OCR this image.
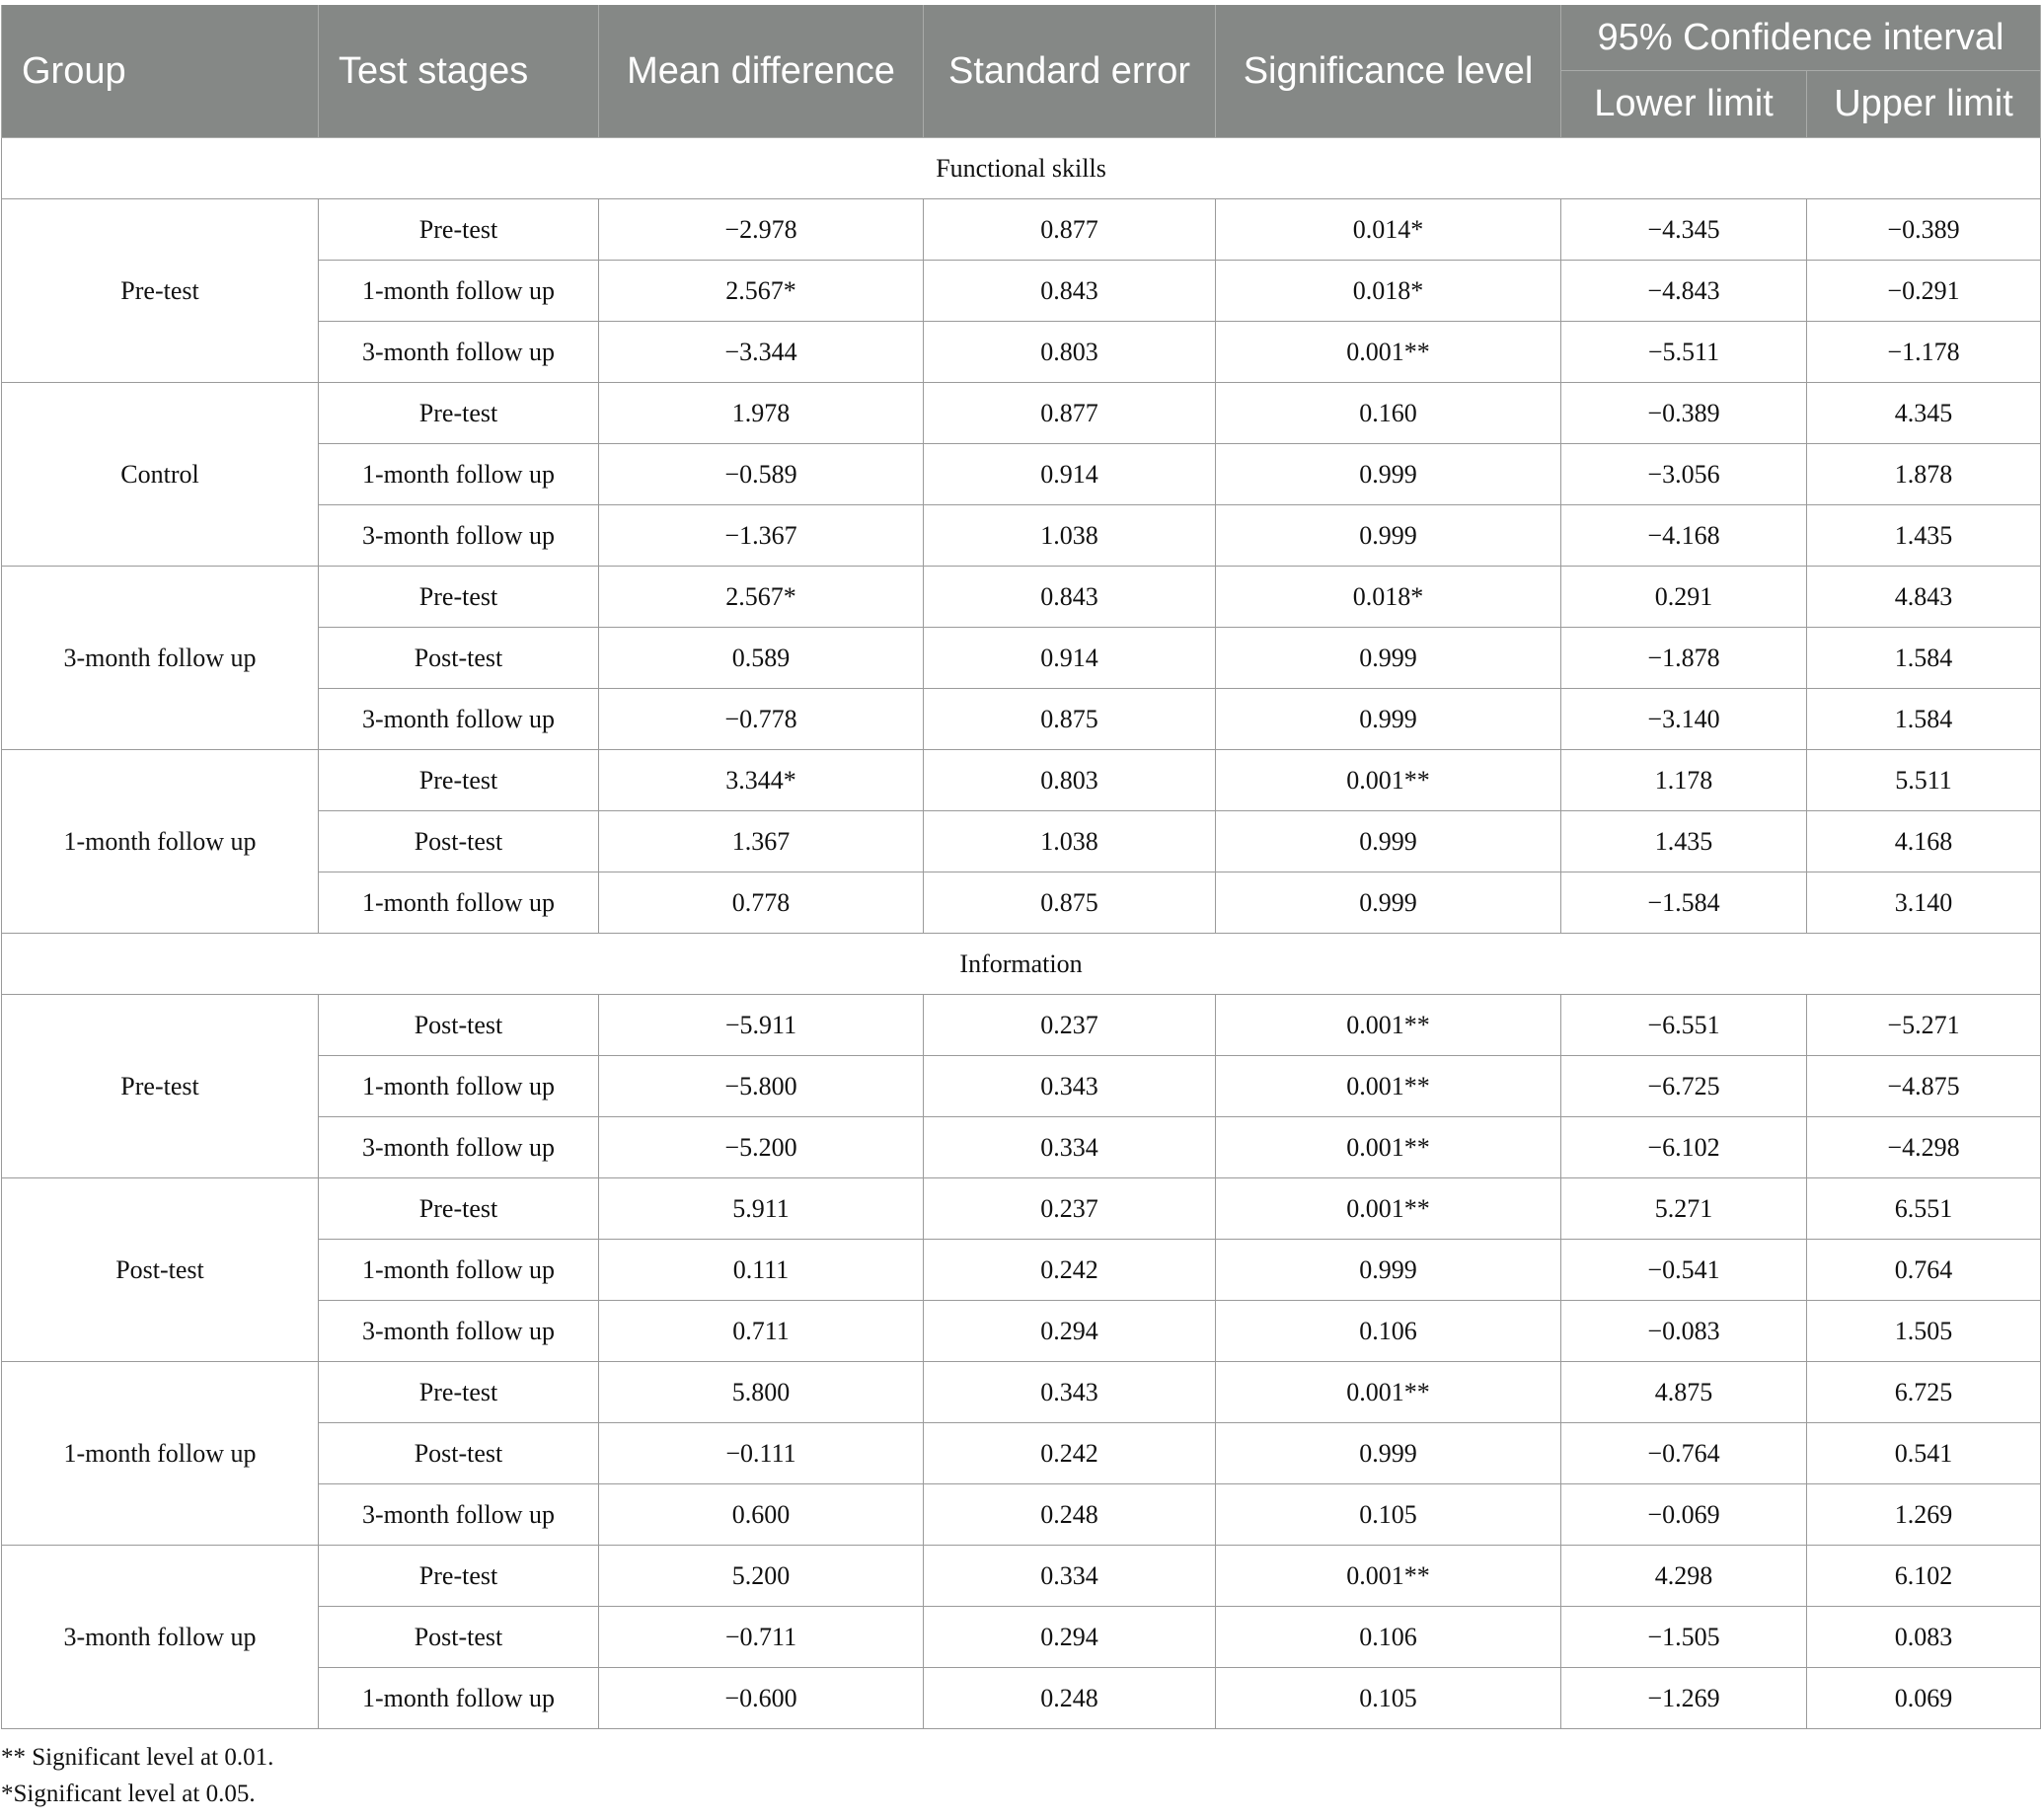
Group	Test stages	Mean difference	Standard error	Significance level	95% Confidence interval	
					Lower limit	Upper limit
Functional skills						
Pre-test	Pre-test	−2.978	0.877	0.014*	−4.345	−0.389
	1-month follow up	2.567*	0.843	0.018*	−4.843	−0.291
	3-month follow up	−3.344	0.803	0.001**	−5.511	−1.178
Control	Pre-test	1.978	0.877	0.160	−0.389	4.345
	1-month follow up	−0.589	0.914	0.999	−3.056	1.878
	3-month follow up	−1.367	1.038	0.999	−4.168	1.435
3-month follow up	Pre-test	2.567*	0.843	0.018*	0.291	4.843
	Post-test	0.589	0.914	0.999	−1.878	1.584
	3-month follow up	−0.778	0.875	0.999	−3.140	1.584
1-month follow up	Pre-test	3.344*	0.803	0.001**	1.178	5.511
	Post-test	1.367	1.038	0.999	1.435	4.168
	1-month follow up	0.778	0.875	0.999	−1.584	3.140
Information						
Pre-test	Post-test	−5.911	0.237	0.001**	−6.551	−5.271
	1-month follow up	−5.800	0.343	0.001**	−6.725	−4.875
	3-month follow up	−5.200	0.334	0.001**	−6.102	−4.298
Post-test	Pre-test	5.911	0.237	0.001**	5.271	6.551
	1-month follow up	0.111	0.242	0.999	−0.541	0.764
	3-month follow up	0.711	0.294	0.106	−0.083	1.505
1-month follow up	Pre-test	5.800	0.343	0.001**	4.875	6.725
	Post-test	−0.111	0.242	0.999	−0.764	0.541
	3-month follow up	0.600	0.248	0.105	−0.069	1.269
3-month follow up	Pre-test	5.200	0.334	0.001**	4.298	6.102
	Post-test	−0.711	0.294	0.106	−1.505	0.083
	1-month follow up	−0.600	0.248	0.105	−1.269	0.069
** Significant level at 0.01.
*Significant level at 0.05.
